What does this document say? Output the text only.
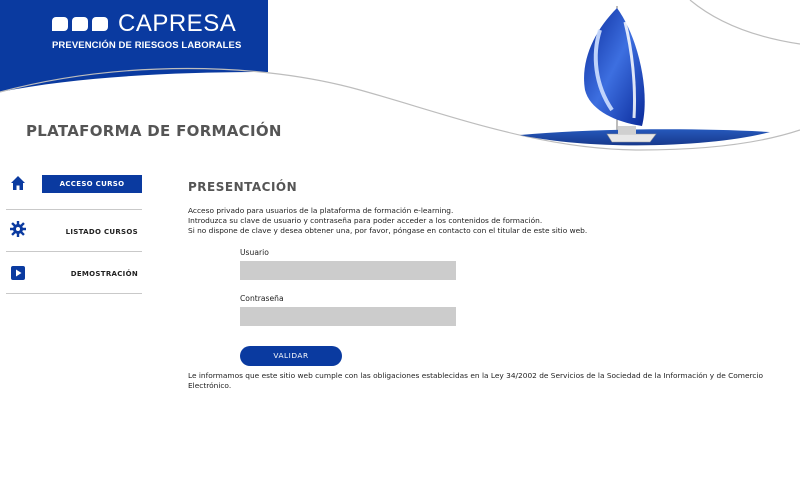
CAPRESA
PREVENCIÓN DE RIESGOS LABORALES
PLATAFORMA DE FORMACIÓN
ACCESO CURSO
LISTADO CURSOS
DEMOSTRACIÓN
PRESENTACIÓN

Acceso privado para usuarios de la plataforma de formación e-learning.

Introduzca su clave de usuario y contraseña para poder acceder a los contenidos de formación.

Si no dispone de clave y desea obtener una, por favor, póngase en contacto con el titular de este sitio web.

Usuario
Contraseña
VALIDAR

Le informamos que este sitio web cumple con las obligaciones establecidas en la Ley 34/2002 de Servicios de la Sociedad de la Información y de Comercio Electrónico.
